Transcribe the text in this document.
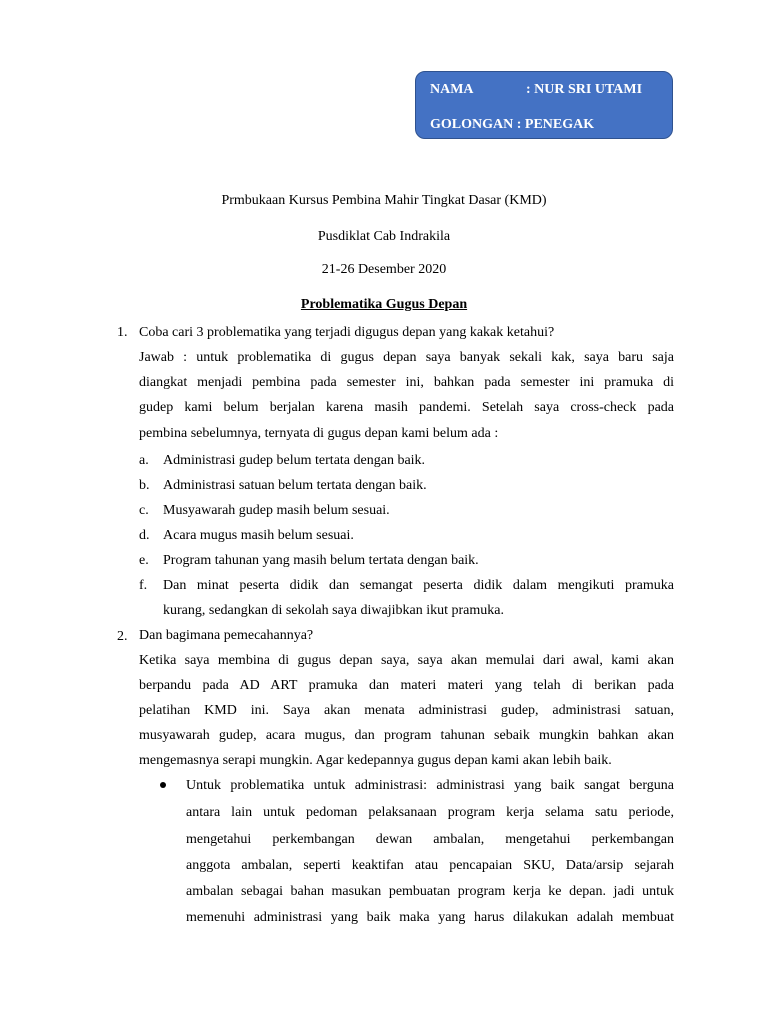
NAMA	: NUR SRI UTAMI
GOLONGAN : PENEGAK
Prmbukaan Kursus Pembina Mahir Tingkat Dasar (KMD)
Pusdiklat Cab Indrakila
21-26 Desember 2020
Problematika Gugus Depan
1. Coba cari 3 problematika yang terjadi digugus depan yang kakak ketahui?
Jawab : untuk problematika di gugus depan saya banyak sekali kak, saya baru saja
diangkat menjadi pembina pada semester ini, bahkan pada semester ini pramuka di
gudep kami belum berjalan karena masih pandemi. Setelah saya cross-check pada
pembina sebelumnya, ternyata di gugus depan kami belum ada :
a. Administrasi gudep belum tertata dengan baik.
b. Administrasi satuan belum tertata dengan baik.
c. Musyawarah gudep masih belum sesuai.
d. Acara mugus masih belum sesuai.
e. Program tahunan yang masih belum tertata dengan baik.
f. Dan minat peserta didik dan semangat peserta didik dalam mengikuti pramuka
kurang, sedangkan di sekolah saya diwajibkan ikut pramuka.
2. Dan bagimana pemecahannya?
Ketika saya membina di gugus depan saya, saya akan memulai dari awal, kami akan
berpandu pada AD ART pramuka dan materi materi yang telah di berikan pada
pelatihan KMD ini. Saya akan menata administrasi gudep, administrasi satuan,
musyawarah gudep, acara mugus, dan program tahunan sebaik mungkin bahkan akan
mengemasnya serapi mungkin. Agar kedepannya gugus depan kami akan lebih baik.
Untuk problematika untuk administrasi: administrasi yang baik sangat berguna
antara lain untuk pedoman pelaksanaan program kerja selama satu periode,
mengetahui perkembangan dewan ambalan, mengetahui perkembangan
anggota ambalan, seperti keaktifan atau pencapaian SKU, Data/arsip sejarah
ambalan sebagai bahan masukan pembuatan program kerja ke depan. jadi untuk
memenuhi administrasi yang baik maka yang harus dilakukan adalah membuat
